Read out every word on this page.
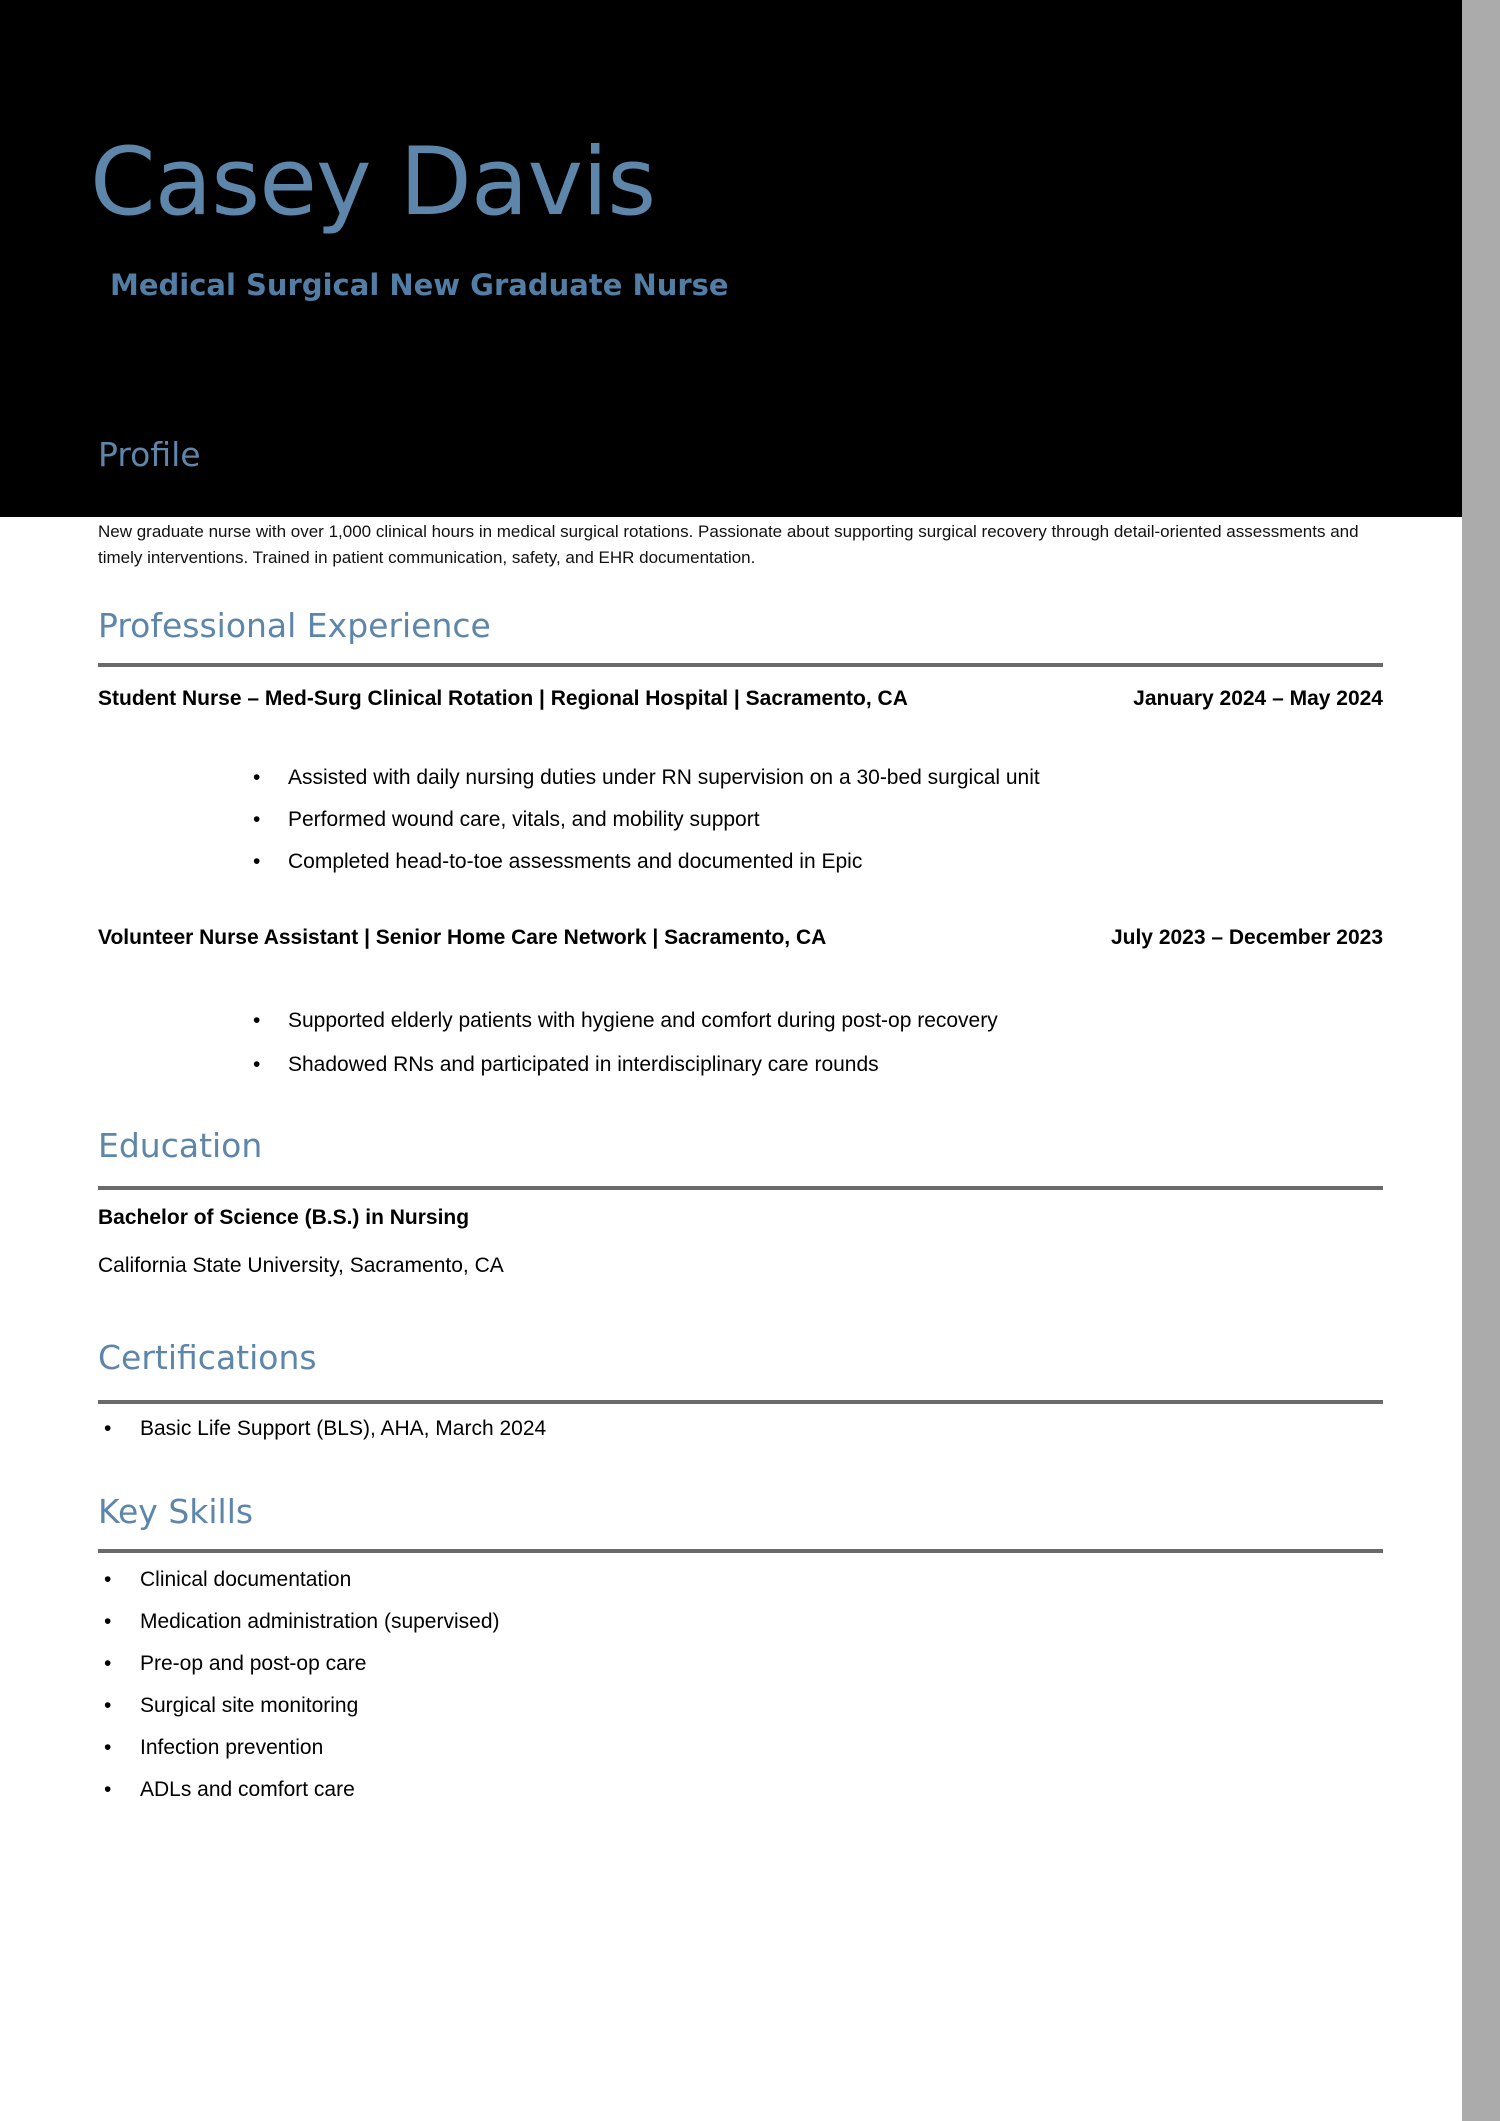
Casey Davis
Medical Surgical New Graduate Nurse
Profile
New graduate nurse with over 1,000 clinical hours in medical surgical rotations. Passionate about supporting surgical recovery through detail-oriented assessments and timely interventions. Trained in patient communication, safety, and EHR documentation.
Professional Experience
Student Nurse – Med-Surg Clinical Rotation | Regional Hospital | Sacramento, CA	January 2024 – May 2024
•	Assisted with daily nursing duties under RN supervision on a 30-bed surgical unit
•	Performed wound care, vitals, and mobility support
•	Completed head-to-toe assessments and documented in Epic
Volunteer Nurse Assistant | Senior Home Care Network | Sacramento, CA	July 2023 – December 2023
•	Supported elderly patients with hygiene and comfort during post-op recovery
•	Shadowed RNs and participated in interdisciplinary care rounds
Education
Bachelor of Science (B.S.) in Nursing
California State University, Sacramento, CA
Certifications
•	Basic Life Support (BLS), AHA, March 2024
Key Skills
•	Clinical documentation
•	Medication administration (supervised)
•	Pre-op and post-op care
•	Surgical site monitoring
•	Infection prevention
•	ADLs and comfort care
